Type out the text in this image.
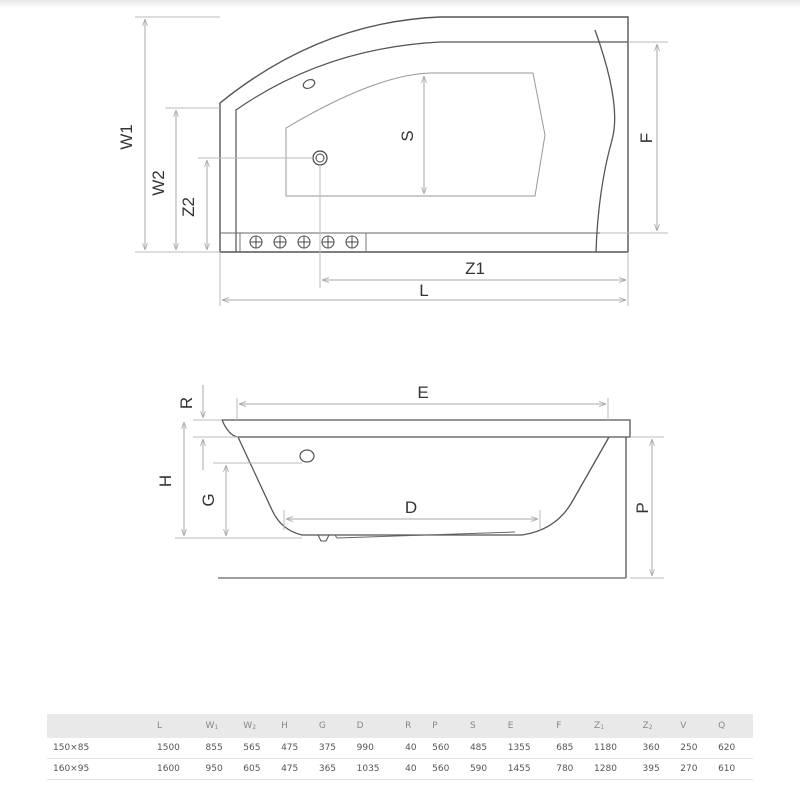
W1
W2
Z2
S	F
Z1
L
R
E
H
G	D	P
	L	$W_1$	$W_2$	H	G	D	R	P	S	E	F	$Z_1$	$Z_2$	V	Q
150×85	1500	855	565	475	375	990	40	560	485	1355	685	1180	360	250	620
160×95	1600	950	605	475	365	1035	40	560	590	1455	780	1280	395	270	610
